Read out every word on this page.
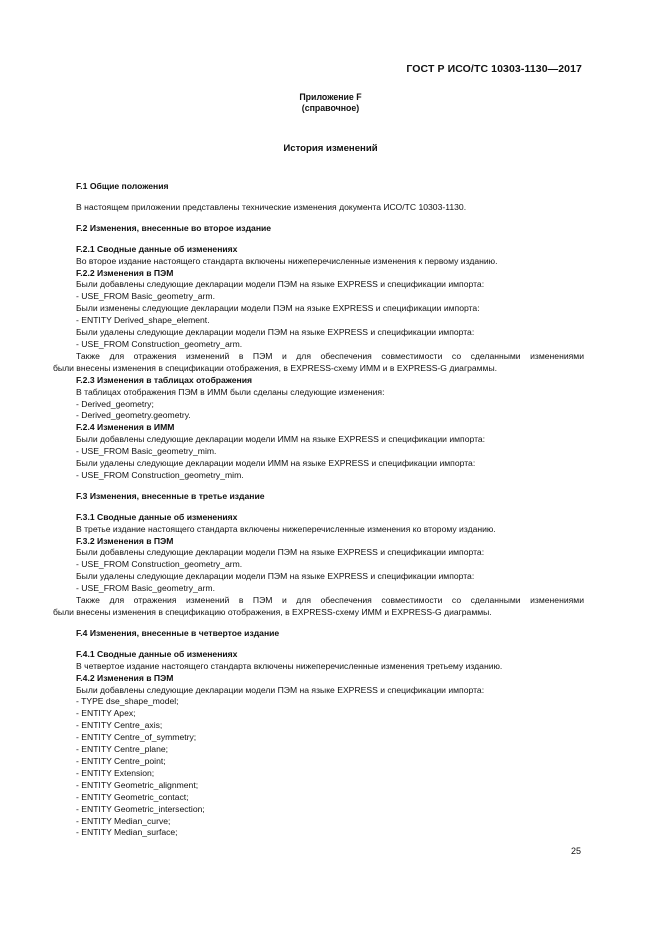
ГОСТ Р ИСО/ТС 10303-1130—2017
Приложение F
(справочное)
История изменений
F.1 Общие положения
В настоящем приложении представлены технические изменения документа ИСО/ТС 10303-1130.
F.2 Изменения, внесенные во второе издание
F.2.1 Сводные данные об изменениях
Во второе издание настоящего стандарта включены нижеперечисленные изменения к первому изданию.
F.2.2 Изменения в ПЭМ
Были добавлены следующие декларации модели ПЭМ на языке EXPRESS и спецификации импорта:
- USE_FROM Basic_geometry_arm.
Были изменены следующие декларации модели ПЭМ на языке EXPRESS и спецификации импорта:
- ENTITY Derived_shape_element.
Были удалены следующие декларации модели ПЭМ на языке EXPRESS и спецификации импорта:
- USE_FROM Construction_geometry_arm.
Также для отражения изменений в ПЭМ и для обеспечения совместимости со сделанными изменениями
были внесены изменения в спецификации отображения, в EXPRESS-схему ИММ и в EXPRESS-G диаграммы.
F.2.3 Изменения в таблицах отображения
В таблицах отображения ПЭМ в ИММ были сделаны следующие изменения:
- Derived_geometry;
- Derived_geometry.geometry.
F.2.4 Изменения в ИММ
Были добавлены следующие декларации модели ИММ на языке EXPRESS и спецификации импорта:
- USE_FROM Basic_geometry_mim.
Были удалены следующие декларации модели ИММ на языке EXPRESS и спецификации импорта:
- USE_FROM Construction_geometry_mim.
F.3 Изменения, внесенные в третье издание
F.3.1 Сводные данные об изменениях
В третье издание настоящего стандарта включены нижеперечисленные изменения ко второму изданию.
F.3.2 Изменения в ПЭМ
Были добавлены следующие декларации модели ПЭМ на языке EXPRESS и спецификации импорта:
- USE_FROM Construction_geometry_arm.
Были удалены следующие декларации модели ПЭМ на языке EXPRESS и спецификации импорта:
- USE_FROM Basic_geometry_arm.
Также для отражения изменений в ПЭМ и для обеспечения совместимости со сделанными изменениями
были внесены изменения в спецификацию отображения, в EXPRESS-схему ИММ и EXPRESS-G диаграммы.
F.4 Изменения, внесенные в четвертое издание
F.4.1 Сводные данные об изменениях
В четвертое издание настоящего стандарта включены нижеперечисленные изменения третьему изданию.
F.4.2 Изменения в ПЭМ
Были добавлены следующие декларации модели ПЭМ на языке EXPRESS и спецификации импорта:
- TYPE dse_shape_model;
- ENTITY Apex;
- ENTITY Centre_axis;
- ENTITY Centre_of_symmetry;
- ENTITY Centre_plane;
- ENTITY Centre_point;
- ENTITY Extension;
- ENTITY Geometric_alignment;
- ENTITY Geometric_contact;
- ENTITY Geometric_intersection;
- ENTITY Median_curve;
- ENTITY Median_surface;
25
